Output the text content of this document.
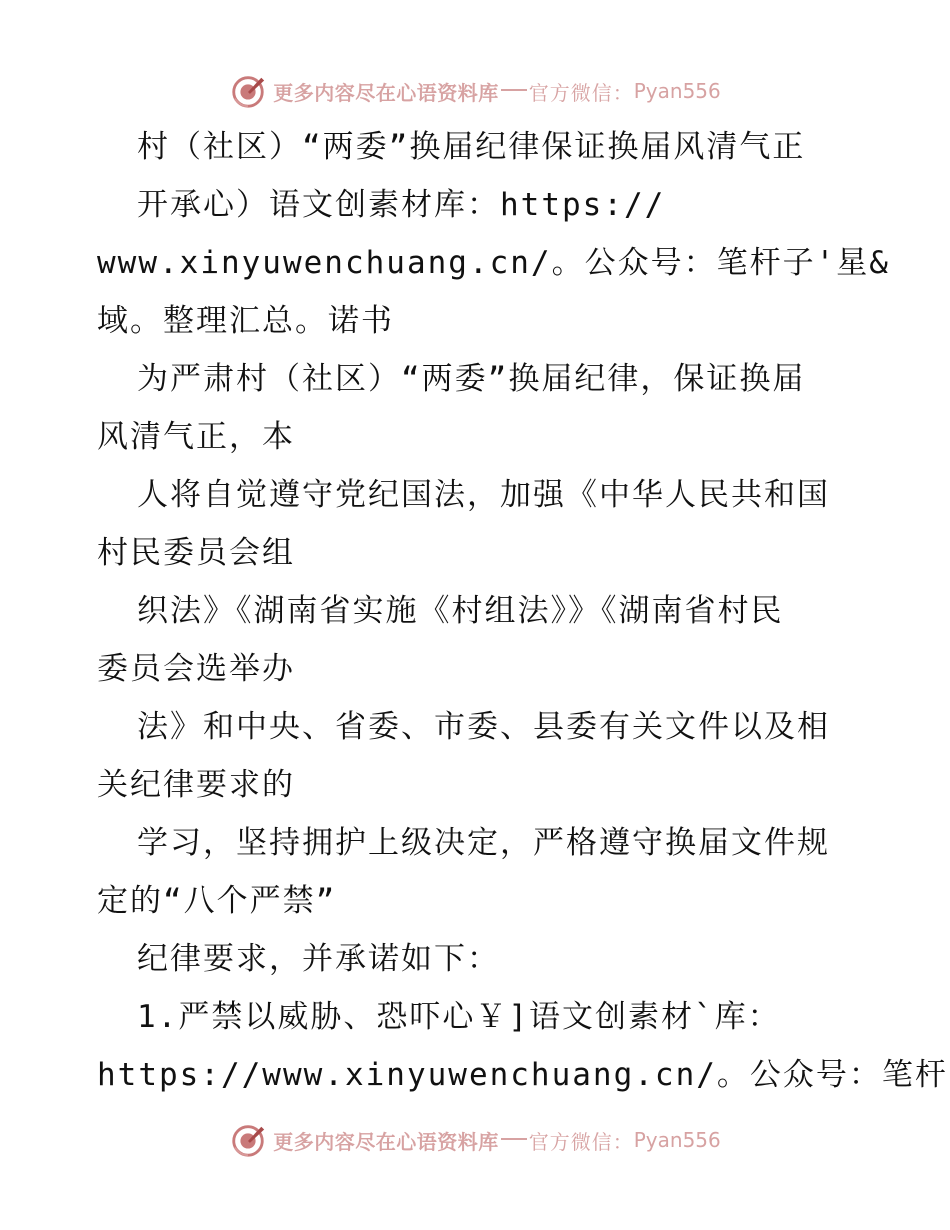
更多内容尽在心语资料库 官方微信： Pyan556
村（社区）“两委”换届纪律保证换届风清气正
开承心）语文创素材库：https://
www.xinyuwenchuang.cn/。公众号：笔杆子'星&
域。整理汇总。诺书
为严肃村（社区）“两委”换届纪律，保证换届
风清气正，本
人将自觉遵守党纪国法，加强《中华人民共和国
村民委员会组
织法》《湖南省实施《村组法》》《湖南省村民
委员会选举办
法》和中央、省委、市委、县委有关文件以及相
关纪律要求的
学习，坚持拥护上级决定，严格遵守换届文件规
定的“八个严禁”
纪律要求，并承诺如下：
1.严禁以威胁、恐吓心￥]语文创素材`库：
https://www.xinyuwenchuang.cn/。公众号：笔杆
更多内容尽在心语资料库 官方微信： Pyan556
